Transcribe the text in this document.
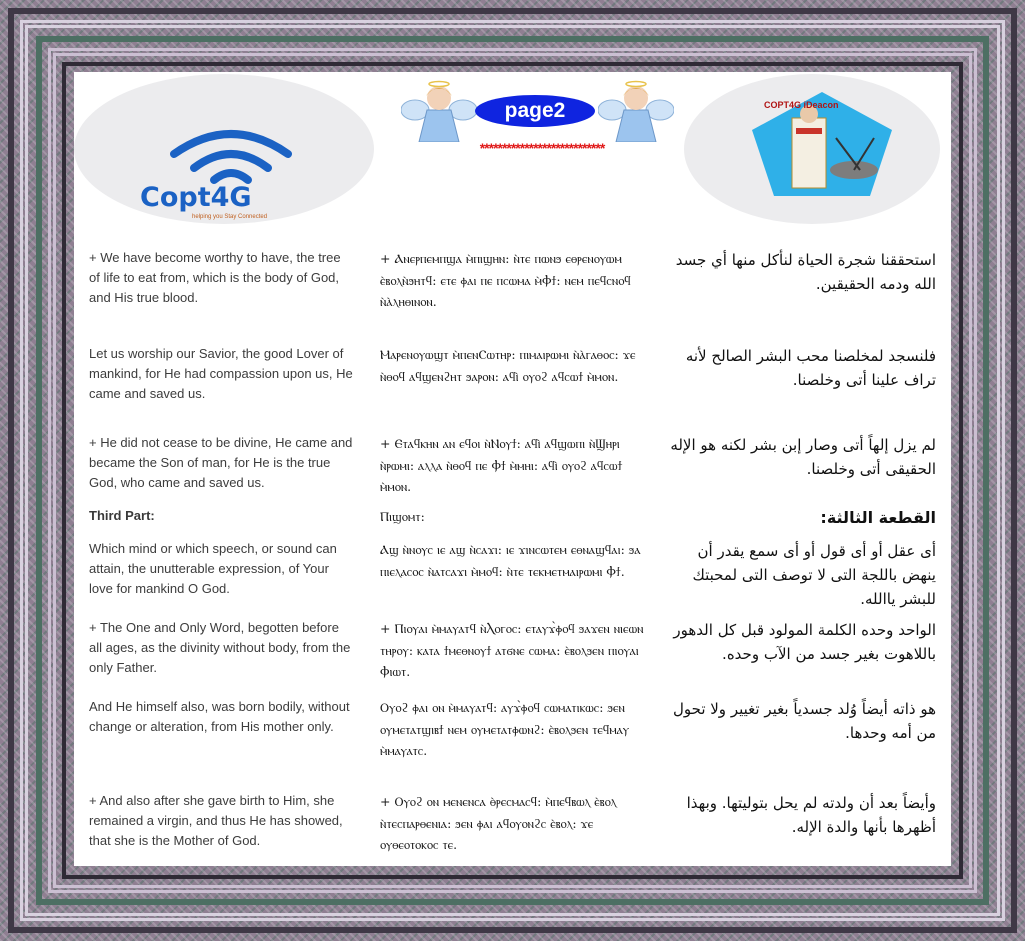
Copt4G
helping you Stay Connected
page2
****************************
COPT4G iDeacon
+ We have become worthy to have, the tree of life to eat from, which is the body of God, and His true blood.
+ Ⲁⲛⲉⲣⲡⲉⲙⲡϣⲁ ⲙ̀ⲡⲓϣⲏⲛ: ⲛ̀ⲧⲉ ⲡⲱⲛϧ ⲉⲑⲣⲉⲛⲟⲩⲱⲙ ⲉ̀ⲃⲟⲗⲛ̀ϧⲏⲧϥ: ⲉⲧⲉ ⲫⲁⲓ ⲡⲉ ⲡⲥⲱⲙⲁ ⲙ̀Ⲫϯ: ⲛⲉⲙ ⲡⲉϥⲥⲛⲟϥ ⲛ̀ⲁ̀ⲗⲏⲑⲓⲛⲟⲛ.
استحققنا شجرة الحياة لنأكل منها أي جسد الله ودمه الحقيقين.
Let us worship our Savior, the good Lover of mankind, for He had compassion upon us, He came and saved us.
Ⲙⲁⲣⲉⲛⲟⲩⲱϣⲧ ⲙ̀ⲡⲉⲛⲤⲱⲧⲏⲣ: ⲡⲓⲙⲁⲓⲣⲱⲙⲓ ⲛ̀ⲁ̀ⲅⲁⲑⲟⲥ: ϫⲉ ⲛ̀ⲑⲟϥ ⲁϥϣⲉⲛϩⲏⲧ ϧⲁⲣⲟⲛ: ⲁϥⲓ̀ ⲟⲩⲟϩ ⲁϥⲥⲱϯ ⲙ̀ⲙⲟⲛ.
فلنسجد لمخلصنا محب البشر الصالح لأنه تراف علينا أتى وخلصنا.
+ He did not cease to be divine, He came and became the Son of man, for He is the true God, who came and saved us.
+ Ⲉⲧⲁϥⲕⲏⲛ ⲁⲛ ⲉϥⲟⲓ ⲛ̀Ⲛⲟⲩϯ: ⲁϥⲓ̀ ⲁϥϣⲱⲡⲓ ⲛ̀Ϣⲏⲣⲓ ⲛ̀ⲣⲱⲙⲓ: ⲁⲗⲗⲁ ⲛ̀ⲑⲟϥ ⲡⲉ Ⲫϯ ⲙ̀ⲙⲏⲓ: ⲁϥⲓ̀ ⲟⲩⲟϩ ⲁϥⲥⲱϯ ⲙ̀ⲙⲟⲛ.
لم يزل إلهاً أتى وصار إبن بشر لكنه هو الإله الحقيقى أتى وخلصنا.
Third Part:	Ⲡⲓϣⲟⲙⲧ:	القطعة الثالثة:
Which mind or which speech, or sound can attain, the unutterable expression, of Your love for mankind O God.
Ⲁϣ ⲛ̀ⲛⲟⲩⲥ ⲓⲉ ⲁϣ ⲛ̀ⲥⲁϫⲓ: ⲓⲉ ϫⲓⲛⲥⲱⲧⲉⲙ ⲉⲑⲛⲁϣϥⲁⲓ: ϧⲁ ⲡⲓⲉⲗⲁⲥⲟⲥ ⲛ̀ⲁⲧⲥⲁϫⲓ ⲙ̀ⲙⲟϥ: ⲛ̀ⲧⲉ ⲧⲉⲕⲙⲉⲧⲙⲁⲓⲣⲱⲙⲓ Ⲫϯ.
أى عقل أو أى قول أو أى سمع يقدر أن ينهض باللجة التى لا توصف التى لمحبتك للبشر ياالله.
+ The One and Only Word, begotten before all ages, as the divinity without body, from the only Father.
+ Ⲡⲓⲟⲩⲁⲓ ⲙ̀ⲙⲁⲩⲁⲧϥ ⲛ̀Ⲗⲟⲅⲟⲥ: ⲉⲧⲁⲩϫ̀ⲫⲟϥ ϧⲁϫⲉⲛ ⲛⲓⲉⲱⲛ ⲧⲏⲣⲟⲩ: ⲕⲁⲧⲁ ϯⲙⲉⲑⲛⲟⲩϯ ⲁⲧϭⲛⲉ ⲥⲱⲙⲁ: ⲉ̀ⲃⲟⲗϧⲉⲛ ⲡⲓⲟⲩⲁⲓ Ⲫⲓⲱⲧ.
الواحد وحده الكلمة المولود قبل كل الدهور باللاهوت بغير جسد من الآب وحده.
And He himself also, was born bodily, without change or alteration, from His mother only.
Ⲟⲩⲟϩ ⲫⲁⲓ ⲟⲛ ⲙ̀ⲙⲁⲩⲁⲧϥ: ⲁⲩϫ̀ⲫⲟϥ ⲥⲱⲙⲁⲧⲓⲕⲱⲥ: ϧⲉⲛ ⲟⲩⲙⲉⲧⲁⲧϣⲓⲃϯ ⲛⲉⲙ ⲟⲩⲙⲉⲧⲁⲧⲫⲱⲛϩ: ⲉ̀ⲃⲟⲗϧⲉⲛ ⲧⲉϥⲙⲁⲩ ⲙ̀ⲙⲁⲩⲁⲧⲥ.
هو ذاته أيضاً وُلد جسدياً بغير تغيير ولا تحول من أمه وحدها.
+ And also after she gave birth to Him, she remained a virgin, and thus He has showed, that she is the Mother of God.
+ Ⲟⲩⲟϩ ⲟⲛ ⲙⲉⲛⲉⲛⲥⲁ ⲑ̀ⲣⲉⲥⲙⲁⲥϥ: ⲙ̀ⲡⲉϥⲃⲱⲗ ⲉ̀ⲃⲟⲗ ⲛ̀ⲧⲉⲥⲡⲁⲣⲑⲉⲛⲓⲁ: ϧⲉⲛ ⲫⲁⲓ ⲁϥⲟⲩⲟⲛϩⲥ ⲉ̀ⲃⲟⲗ: ϫⲉ ⲟⲩⲑⲉⲟⲧⲟⲕⲟⲥ ⲧⲉ.
وأيضاً بعد أن ولدته لم يحل بتوليتها. وبهذا أظهرها بأنها والدة الإله.
